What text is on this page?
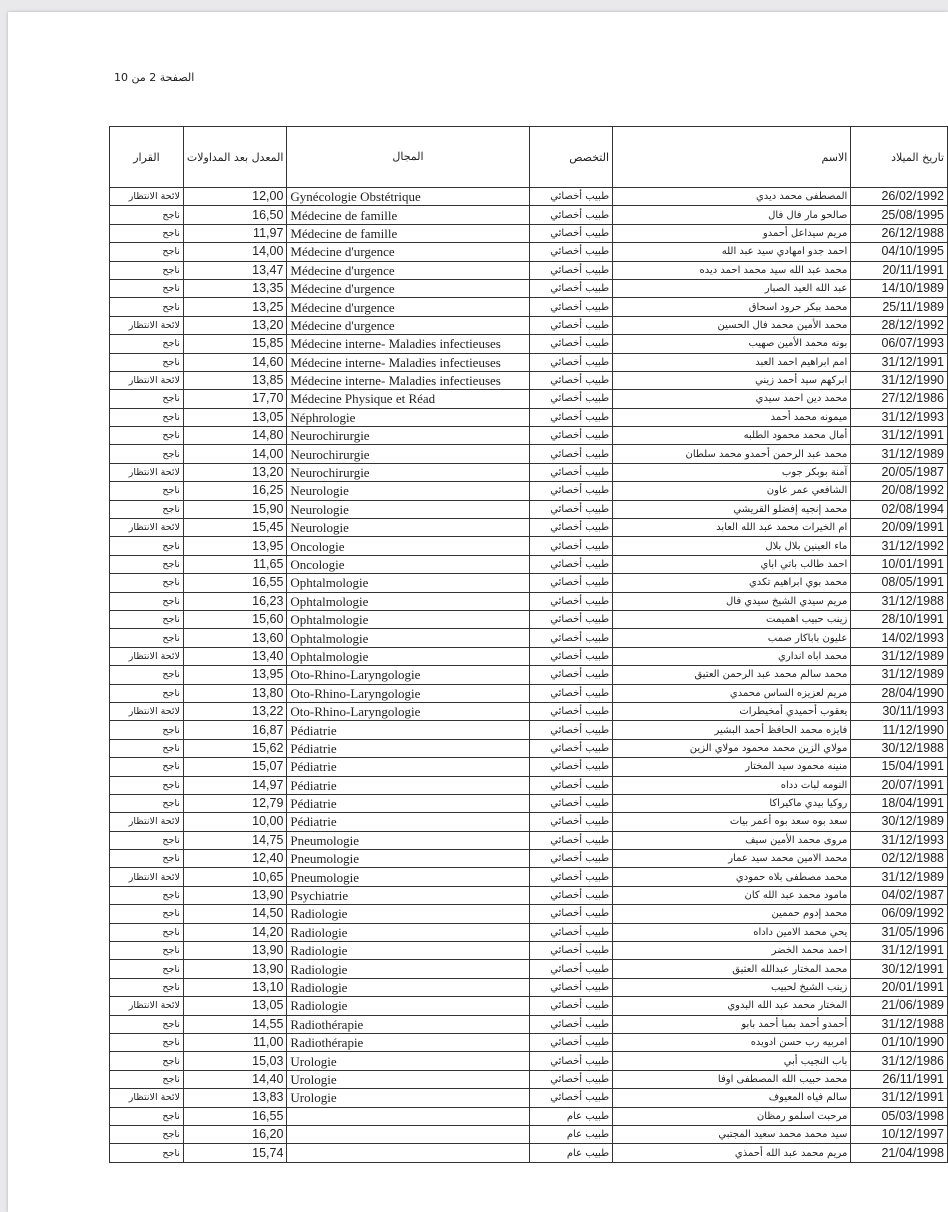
الصفحة 2 من 10
القرار	المعدل بعد المداولات	المجال	التخصص	الاسم	تاريخ الميلاد
لائحة الانتظار	12,00	Gynécologie Obstétrique	طبيب أخصائي	المصطفى محمد ديدي	26/02/1992
ناجح	16,50	Médecine de famille	طبيب أخصائي	صالحو مار فال فال	25/08/1995
ناجح	11,97	Médecine de famille	طبيب أخصائي	مريم سيداعل أحمدو	26/12/1988
ناجح	14,00	Médecine d'urgence	طبيب أخصائي	احمد جدو امهادي سيد عبد الله	04/10/1995
ناجح	13,47	Médecine d'urgence	طبيب أخصائي	محمد عبد الله سيد محمد احمد ديده	20/11/1991
ناجح	13,35	Médecine d'urgence	طبيب أخصائي	عبد الله العيد الصبار	14/10/1989
ناجح	13,25	Médecine d'urgence	طبيب أخصائي	محمد ببكر حرود اسحاق	25/11/1989
لائحة الانتظار	13,20	Médecine d'urgence	طبيب أخصائي	محمد الأمين محمد فال الحسين	28/12/1992
ناجح	15,85	Médecine interne- Maladies infectieuses	طبيب أخصائي	بونه محمد الأمين صهيب	06/07/1993
ناجح	14,60	Médecine interne- Maladies infectieuses	طبيب أخصائي	امم ابراهيم احمد العبد	31/12/1991
لائحة الانتظار	13,85	Médecine interne- Maladies infectieuses	طبيب أخصائي	ابركهم سيد أحمد زيني	31/12/1990
ناجح	17,70	Médecine Physique et Réad	طبيب أخصائي	محمد دين احمد سيدي	27/12/1986
ناجح	13,05	Néphrologie	طبيب أخصائي	ميمونه محمد أحمد	31/12/1993
ناجح	14,80	Neurochirurgie	طبيب أخصائي	أمال محمد محمود الطلبه	31/12/1991
ناجح	14,00	Neurochirurgie	طبيب أخصائي	محمد عبد الرحمن أحمدو محمد سلطان	31/12/1989
لائحة الانتظار	13,20	Neurochirurgie	طبيب أخصائي	آمنة بوبكر جوب	20/05/1987
ناجح	16,25	Neurologie	طبيب أخصائي	الشافعي عمر عاون	20/08/1992
ناجح	15,90	Neurologie	طبيب أخصائي	محمد إنجيه إفضلو القريشي	02/08/1994
لائحة الانتظار	15,45	Neurologie	طبيب أخصائي	ام الخيرات محمد عبد الله العابد	20/09/1991
ناجح	13,95	Oncologie	طبيب أخصائي	ماء العينين بلال بلال	31/12/1992
ناجح	11,65	Oncologie	طبيب أخصائي	احمد طالب باتي اباي	10/01/1991
ناجح	16,55	Ophtalmologie	طبيب أخصائي	محمد بوي ابراهيم تكدي	08/05/1991
ناجح	16,23	Ophtalmologie	طبيب أخصائي	مريم سيدي الشيخ سيدي فال	31/12/1988
ناجح	15,60	Ophtalmologie	طبيب أخصائي	زينب حبيب اهميمت	28/10/1991
ناجح	13,60	Ophtalmologie	طبيب أخصائي	عليون باباكار صمب	14/02/1993
لائحة الانتظار	13,40	Ophtalmologie	طبيب أخصائي	محمد اباه انداري	31/12/1989
ناجح	13,95	Oto-Rhino-Laryngologie	طبيب أخصائي	محمد سالم محمد عبد الرحمن العتيق	31/12/1989
ناجح	13,80	Oto-Rhino-Laryngologie	طبيب أخصائي	مريم لعزيزه الساس محمدي	28/04/1990
لائحة الانتظار	13,22	Oto-Rhino-Laryngologie	طبيب أخصائي	يعقوب أحميدي أمخيطرات	30/11/1993
ناجح	16,87	Pédiatrie	طبيب أخصائي	فايزه محمد الحافظ أحمد البشير	11/12/1990
ناجح	15,62	Pédiatrie	طبيب أخصائي	مولاي الزين محمد محمود مولاي الزين	30/12/1988
ناجح	15,07	Pédiatrie	طبيب أخصائي	منينه محمود سيد المختار	15/04/1991
ناجح	14,97	Pédiatrie	طبيب أخصائي	النومه لبات دداه	20/07/1991
ناجح	12,79	Pédiatrie	طبيب أخصائي	روكيا بيدي ماكيراكا	18/04/1991
لائحة الانتظار	10,00	Pédiatrie	طبيب أخصائي	سعد بوه سعد بوه أعمر بيات	30/12/1989
ناجح	14,75	Pneumologie	طبيب أخصائي	مروى محمد الأمين سيف	31/12/1993
ناجح	12,40	Pneumologie	طبيب أخصائي	محمد الامين محمد سيد عمار	02/12/1988
لائحة الانتظار	10,65	Pneumologie	طبيب أخصائي	محمد مصطفى بلاه حمودي	31/12/1989
ناجح	13,90	Psychiatrie	طبيب أخصائي	مامود محمد عبد الله كان	04/02/1987
ناجح	14,50	Radiologie	طبيب أخصائي	محمد إدوم حممين	06/09/1992
ناجح	14,20	Radiologie	طبيب أخصائي	يحي محمد الامين داداه	31/05/1996
ناجح	13,90	Radiologie	طبيب أخصائي	احمد محمد الخضر	31/12/1991
ناجح	13,90	Radiologie	طبيب أخصائي	محمد المختار عبدالله العتيق	30/12/1991
ناجح	13,10	Radiologie	طبيب أخصائي	زينب الشيخ لحبيب	20/01/1991
لائحة الانتظار	13,05	Radiologie	طبيب أخصائي	المختار محمد عبد الله البدوي	21/06/1989
ناجح	14,55	Radiothérapie	طبيب أخصائي	أحمدو أحمد بمبا أحمد بابو	31/12/1988
ناجح	11,00	Radiothérapie	طبيب أخصائي	امربيه رب حسن ادويده	01/10/1990
ناجح	15,03	Urologie	طبيب أخصائي	باب النجيب أبي	31/12/1986
ناجح	14,40	Urologie	طبيب أخصائي	محمد حبيب الله المصطفى اوفا	26/11/1991
لائحة الانتظار	13,83	Urologie	طبيب أخصائي	سالم فياه المعيوف	31/12/1991
ناجح	16,55		طبيب عام	مرحبت اسلمو رمظان	05/03/1998
ناجح	16,20		طبيب عام	سيد محمد محمد سعيد المجتبي	10/12/1997
ناجح	15,74		طبيب عام	مريم محمد عبد الله أحمذي	21/04/1998
